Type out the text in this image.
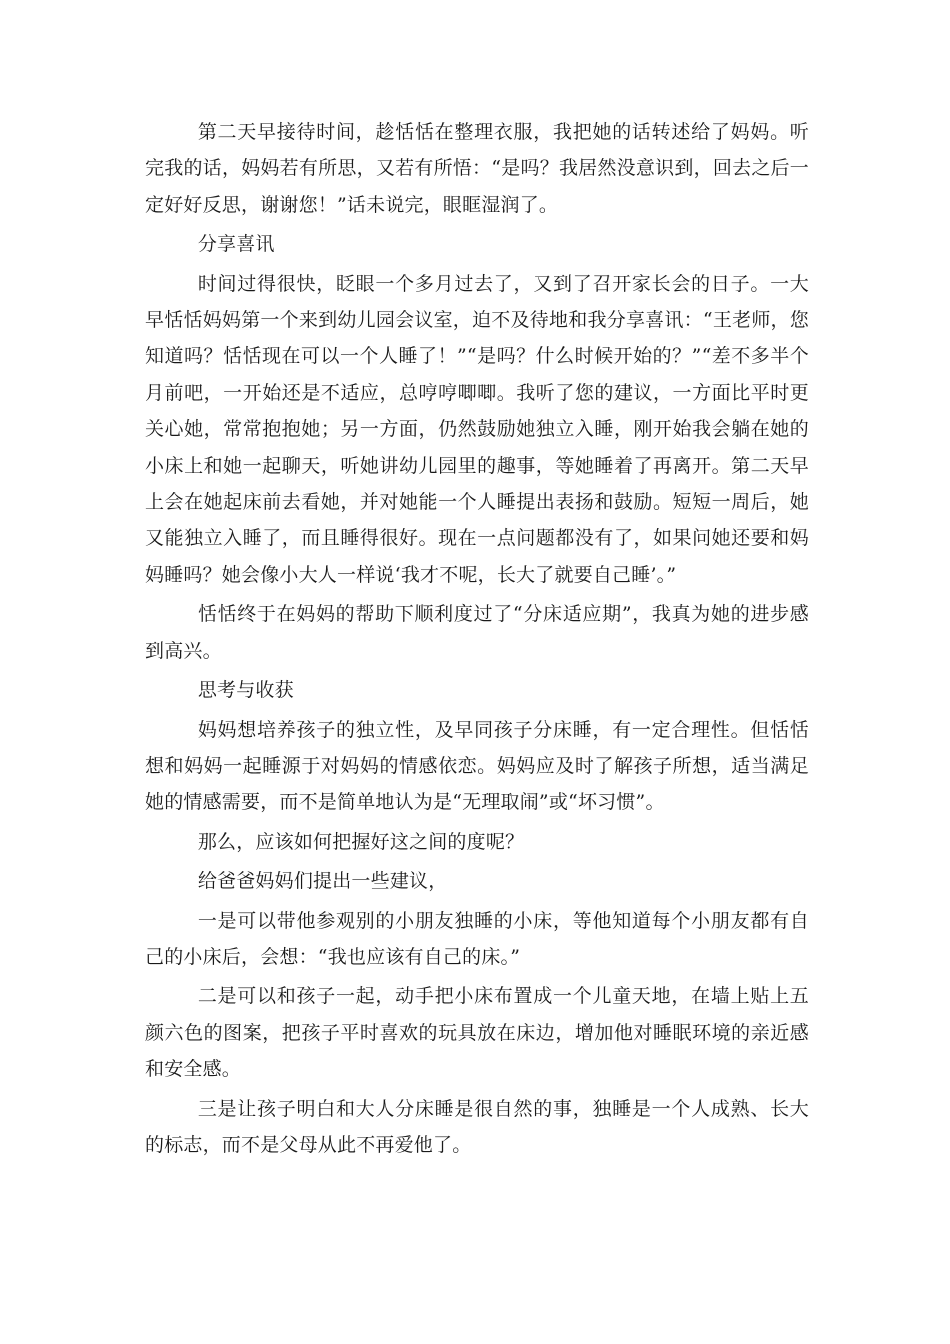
第二天早接待时间，趁恬恬在整理衣服，我把她的话转述给了妈妈。听完我的话，妈妈若有所思，又若有所悟：“是吗？我居然没意识到，回去之后一定好好反思，谢谢您！”话未说完，眼眶湿润了。

分享喜讯

时间过得很快，眨眼一个多月过去了，又到了召开家长会的日子。一大早恬恬妈妈第一个来到幼儿园会议室，迫不及待地和我分享喜讯：“王老师，您知道吗？恬恬现在可以一个人睡了！”“是吗？什么时候开始的？”“差不多半个月前吧，一开始还是不适应，总哼哼唧唧。我听了您的建议，一方面比平时更关心她，常常抱抱她；另一方面，仍然鼓励她独立入睡，刚开始我会躺在她的小床上和她一起聊天，听她讲幼儿园里的趣事，等她睡着了再离开。第二天早上会在她起床前去看她，并对她能一个人睡提出表扬和鼓励。短短一周后，她又能独立入睡了，而且睡得很好。现在一点问题都没有了，如果问她还要和妈妈睡吗？她会像小大人一样说‘我才不呢，长大了就要自己睡’。”

恬恬终于在妈妈的帮助下顺利度过了“分床适应期”，我真为她的进步感到高兴。

思考与收获

妈妈想培养孩子的独立性，及早同孩子分床睡，有一定合理性。但恬恬想和妈妈一起睡源于对妈妈的情感依恋。妈妈应及时了解孩子所想，适当满足她的情感需要，而不是简单地认为是“无理取闹”或“坏习惯”。

那么，应该如何把握好这之间的度呢？

给爸爸妈妈们提出一些建议，

一是可以带他参观别的小朋友独睡的小床，等他知道每个小朋友都有自己的小床后，会想：“我也应该有自己的床。”

二是可以和孩子一起，动手把小床布置成一个儿童天地，在墙上贴上五颜六色的图案，把孩子平时喜欢的玩具放在床边，增加他对睡眠环境的亲近感和安全感。

三是让孩子明白和大人分床睡是很自然的事，独睡是一个人成熟、长大的标志，而不是父母从此不再爱他了。
